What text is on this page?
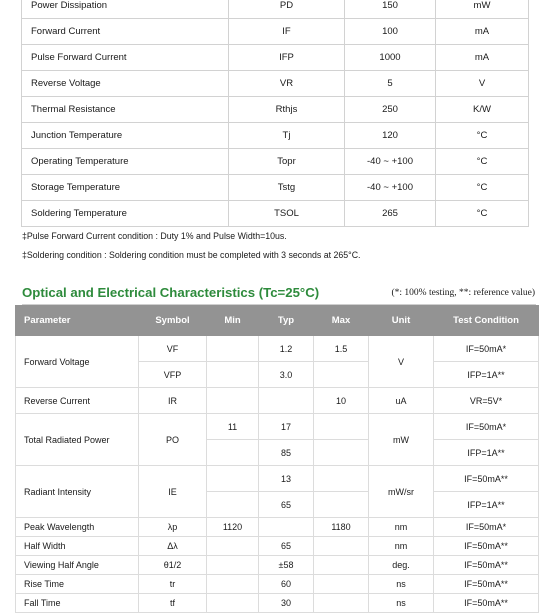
Power Dissipation	PD	150	mW
Forward Current	IF	100	mA
Pulse Forward Current	IFP	1000	mA
Reverse Voltage	VR	5	V
Thermal Resistance	Rthjs	250	K/W
Junction Temperature	Tj	120	°C
Operating Temperature	Topr	-40 ~ +100	°C
Storage Temperature	Tstg	-40 ~ +100	°C
Soldering Temperature	TSOL	265	°C
‡Pulse Forward Current condition : Duty 1% and Pulse Width=10us.
‡Soldering condition : Soldering condition must be completed with 3 seconds at 265°C.
Optical and Electrical Characteristics (Tc=25°C)	(*: 100% testing, **: reference value)
Parameter	Symbol	Min	Typ	Max	Unit	Test Condition
Forward Voltage	VF		1.2	1.5	V	IF=50mA*
	VFP		3.0			IFP=1A**
Reverse Current	IR			10	uA	VR=5V*
Total Radiated Power	PO	11	17		mW	IF=50mA*
			85			IFP=1A**
Radiant Intensity	IE		13		mW/sr	IF=50mA**
			65			IFP=1A**
Peak Wavelength	λp	1120		1180	nm	IF=50mA*
Half Width	Δλ		65		nm	IF=50mA**
Viewing Half Angle	θ1/2		±58		deg.	IF=50mA**
Rise Time	tr		60		ns	IF=50mA**
Fall Time	tf		30		ns	IF=50mA**
